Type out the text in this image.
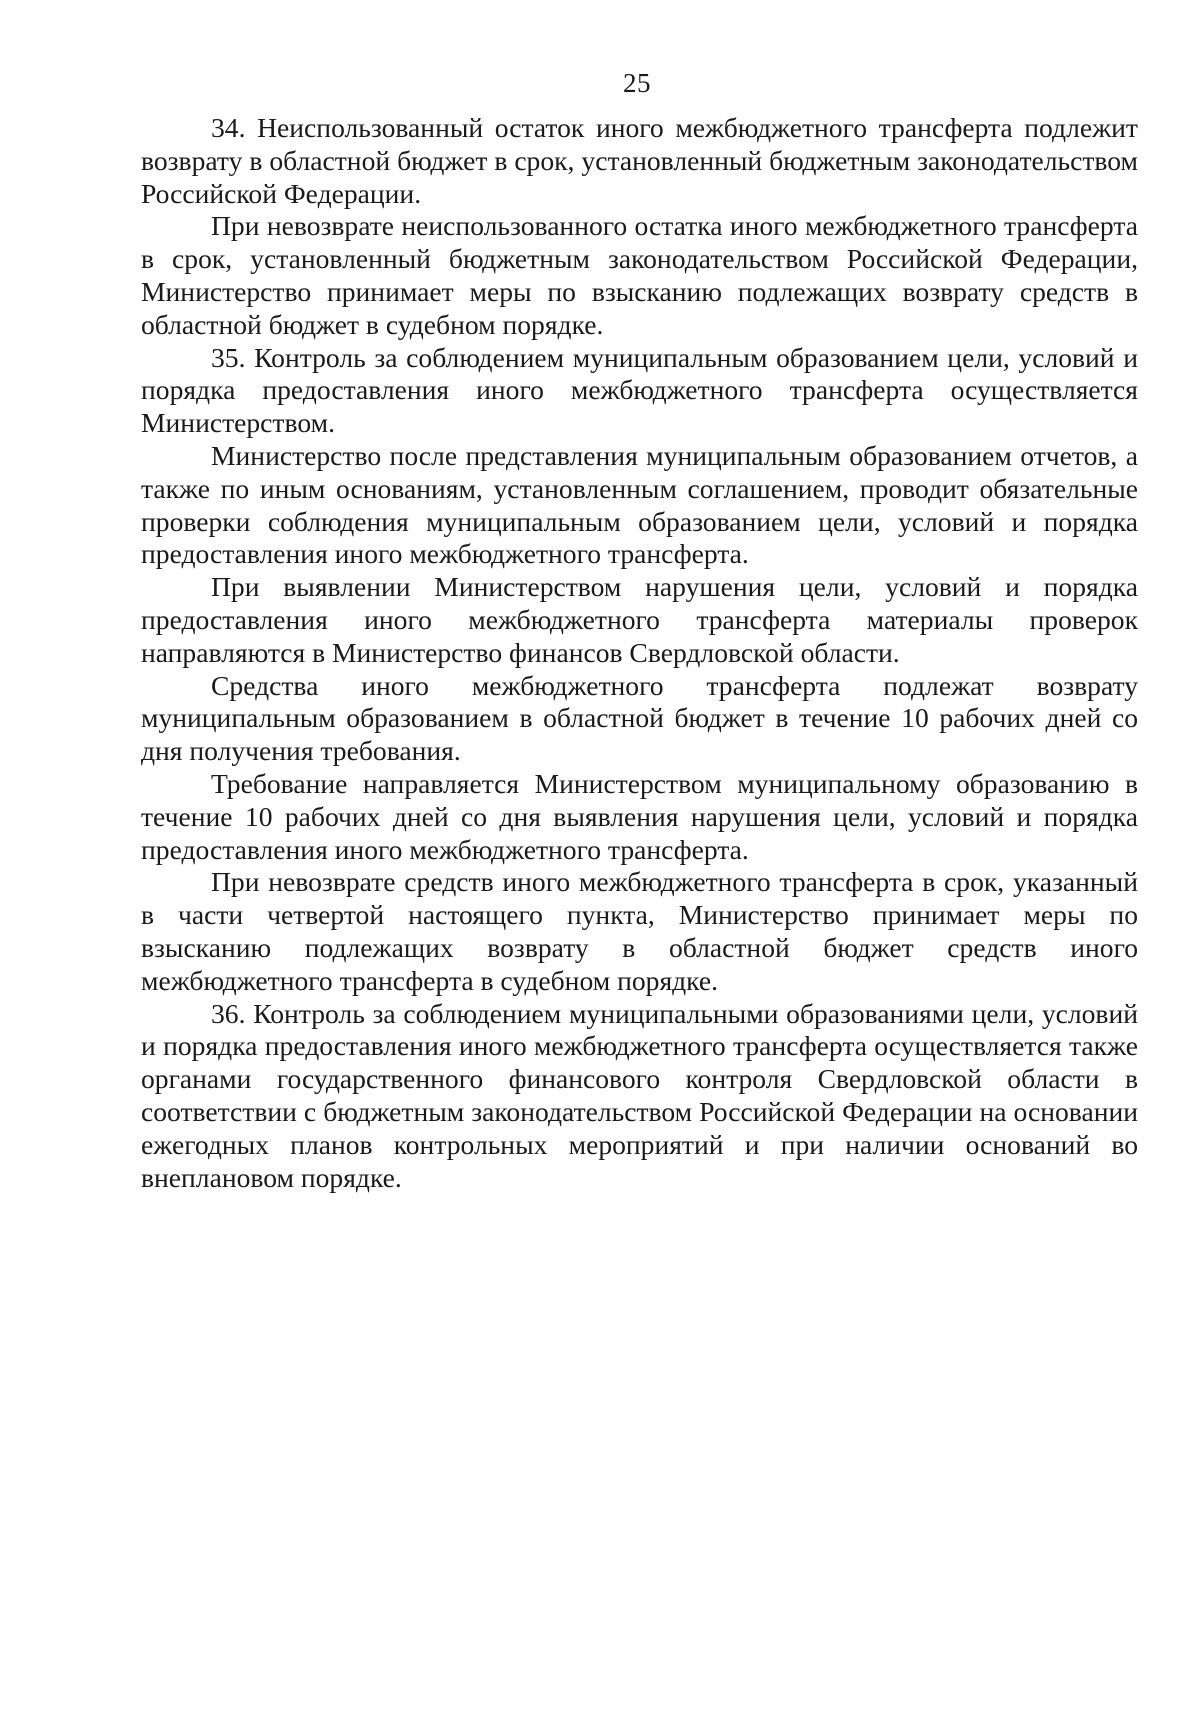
25

34. Неиспользованный остаток иного межбюджетного трансферта подлежит возврату в областной бюджет в срок, установленный бюджетным законодательством Российской Федерации.

При невозврате неиспользованного остатка иного межбюджетного трансферта в срок, установленный бюджетным законодательством Российской Федерации, Министерство принимает меры по взысканию подлежащих возврату средств в областной бюджет в судебном порядке.

35. Контроль за соблюдением муниципальным образованием цели, условий и порядка предоставления иного межбюджетного трансферта осуществляется Министерством.

Министерство после представления муниципальным образованием отчетов, а также по иным основаниям, установленным соглашением, проводит обязательные проверки соблюдения муниципальным образованием цели, условий и порядка предоставления иного межбюджетного трансферта.

При выявлении Министерством нарушения цели, условий и порядка предоставления иного межбюджетного трансферта материалы проверок направляются в Министерство финансов Свердловской области.

Средства иного межбюджетного трансферта подлежат возврату муниципальным образованием в областной бюджет в течение 10 рабочих дней со дня получения требования.

Требование направляется Министерством муниципальному образованию в течение 10 рабочих дней со дня выявления нарушения цели, условий и порядка предоставления иного межбюджетного трансферта.

При невозврате средств иного межбюджетного трансферта в срок, указанный в части четвертой настоящего пункта, Министерство принимает меры по взысканию подлежащих возврату в областной бюджет средств иного межбюджетного трансферта в судебном порядке.

36. Контроль за соблюдением муниципальными образованиями цели, условий и порядка предоставления иного межбюджетного трансферта осуществляется также органами государственного финансового контроля Свердловской области в соответствии с бюджетным законодательством Российской Федерации на основании ежегодных планов контрольных мероприятий и при наличии оснований во внеплановом порядке.
